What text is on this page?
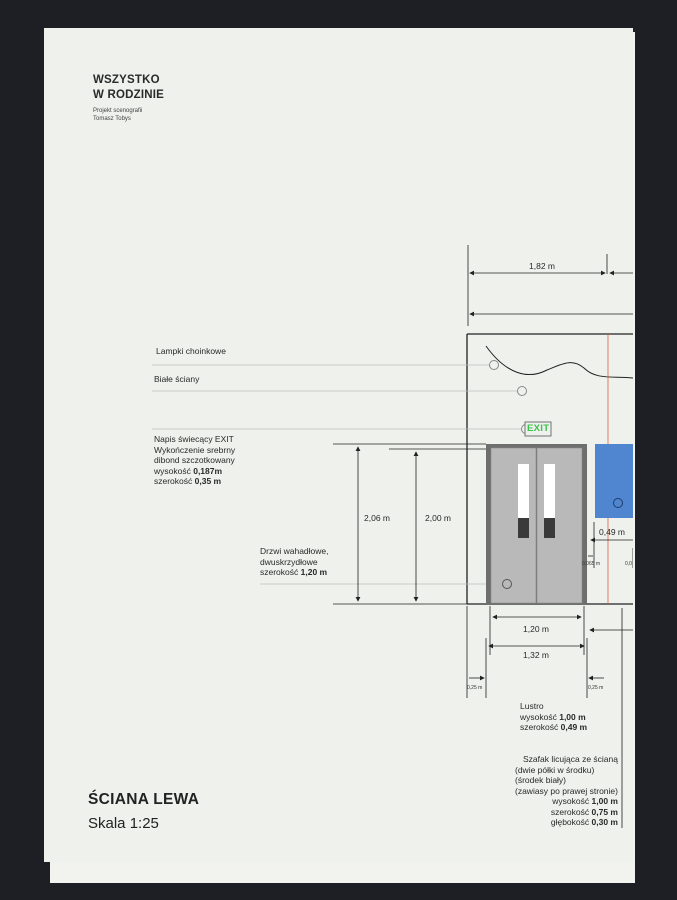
WSZYSTKO
W RODZINIE
Projekt scenografii
Tomasz Tobys
Lampki choinkowe
Białe ściany
Napis świecący EXIT
Wykończenie srebrny
dibond szczotkowany
wysokość 0,187m
szerokość 0,35 m
Drzwi wahadłowe,
dwuskrzydłowe
szerokość 1,20 m
Lustro
wysokość 1,00 m
szerokość 0,49 m
Szafak licująca ze ścianą
(dwie półki w środku)
(środek biały)
(zawiasy po prawej stronie)
wysokość 1,00 m
szerokość 0,75 m
głębokość 0,30 m
EXIT
1,82 m
2,06 m	2,00 m
1,20 m
1,32 m
0,49 m
0,065 m	0,0
0,25 m	0,25 m
ŚCIANA LEWA
Skala 1:25
